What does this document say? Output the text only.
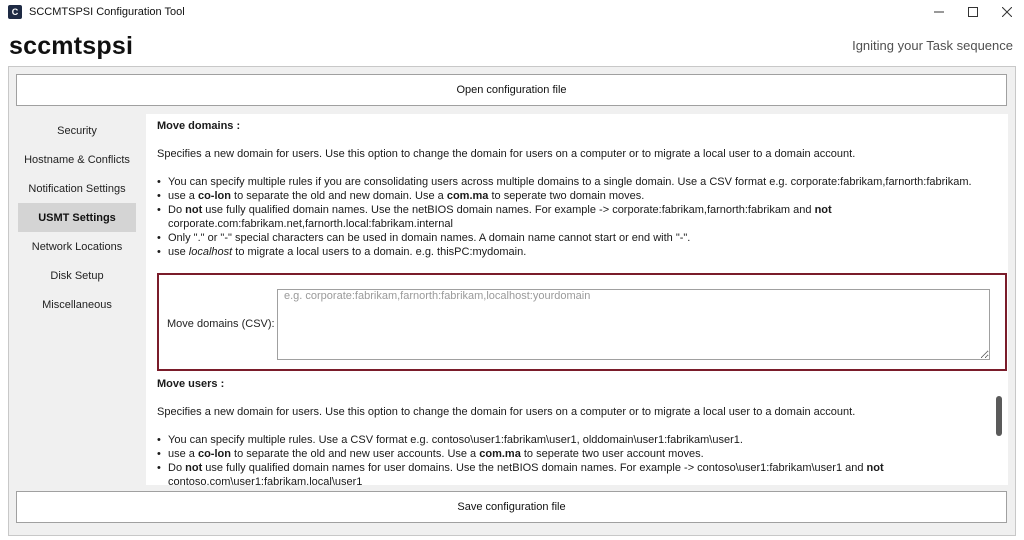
C SCCMTSPSI Configuration Tool
sccmtspsi	Igniting your Task sequence
Open configuration file
Security
Hostname & Conflicts
Notification Settings
USMT Settings
Network Locations
Disk Setup
Miscellaneous
Move domains :
Specifies a new domain for users. Use this option to change the domain for users on a computer or to migrate a local user to a domain account.
• You can specify multiple rules if you are consolidating users across multiple domains to a single domain. Use a CSV format e.g. corporate:fabrikam,farnorth:fabrikam.
• use a co-lon to separate the old and new domain. Use a com.ma to seperate two domain moves.
• Do not use fully qualified domain names. Use the netBIOS domain names. For example -> corporate:fabrikam,farnorth:fabrikam and not corporate.com:fabrikam.net,farnorth.local:fabrikam.internal
• Only "." or "-" special characters can be used in domain names. A domain name cannot start or end with "-".
• use localhost to migrate a local users to a domain. e.g. thisPC:mydomain.
Move users :
Specifies a new domain for users. Use this option to change the domain for users on a computer or to migrate a local user to a domain account.
• You can specify multiple rules. Use a CSV format e.g. contoso\user1:fabrikam\user1, olddomain\user1:fabrikam\user1.
• use a co-lon to separate the old and new user accounts. Use a com.ma to seperate two user account moves.
• Do not use fully qualified domain names for user domains. Use the netBIOS domain names. For example -> contoso\user1:fabrikam\user1 and not contoso.com\user1:fabrikam.local\user1
Move domains (CSV):
e.g. corporate:fabrikam,farnorth:fabrikam,localhost:yourdomain
Save configuration file
